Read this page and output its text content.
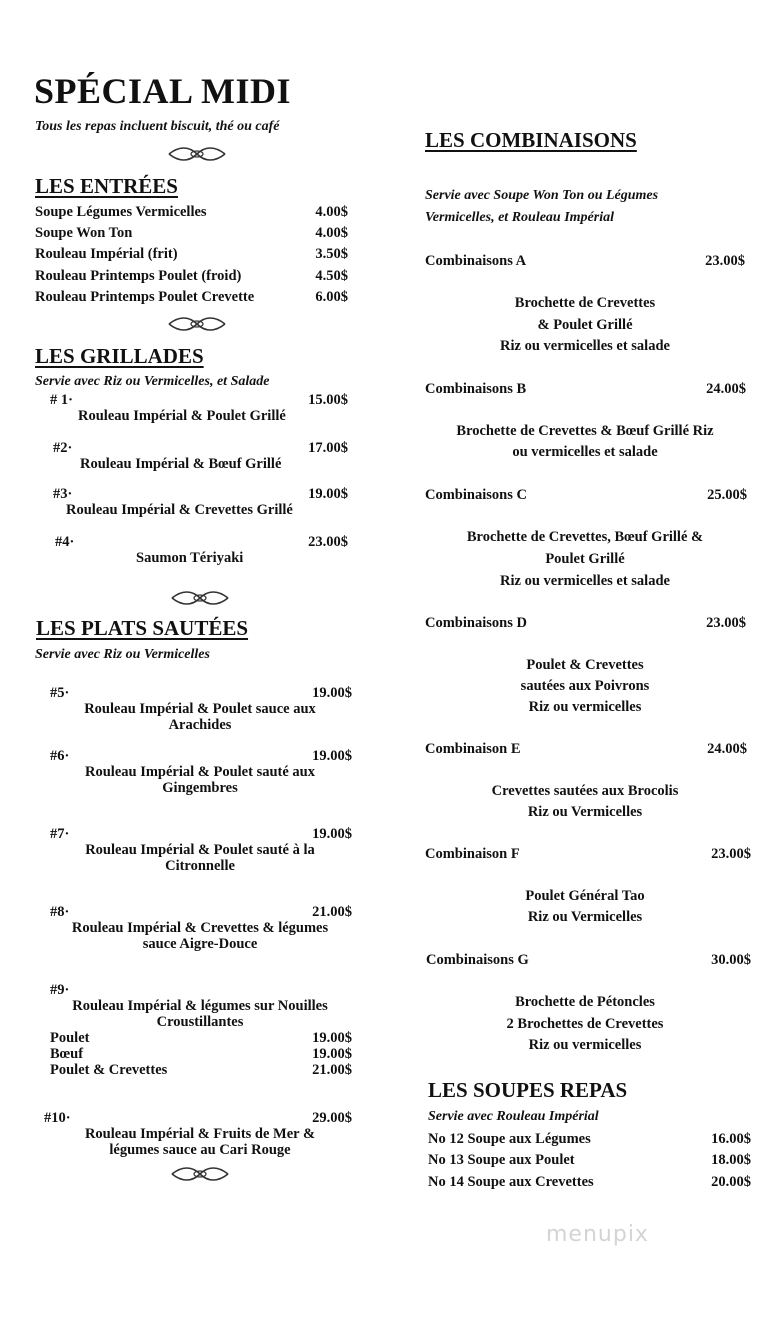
SPÉCIAL MIDI
Tous les repas incluent biscuit, thé ou café
LES ENTRÉES
Soupe Légumes Vermicelles	4.00$
Soupe Won Ton	4.00$
Rouleau Impérial (frit)	3.50$
Rouleau Printemps Poulet (froid)	4.50$
Rouleau Printemps Poulet Crevette	6.00$
LES GRILLADES
Servie avec Riz ou Vermicelles, et Salade
# 1·	15.00$
Rouleau Impérial & Poulet Grillé
#2·	17.00$
Rouleau Impérial & Bœuf Grillé
#3·	19.00$
Rouleau Impérial & Crevettes Grillé
#4·	23.00$
Saumon Tériyaki
LES PLATS SAUTÉES
Servie avec Riz ou Vermicelles
#5·	19.00$
Rouleau Impérial & Poulet sauce aux
Arachides
#6·	19.00$
Rouleau Impérial & Poulet sauté aux
Gingembres
#7·	19.00$
Rouleau Impérial & Poulet sauté à la
Citronnelle
#8·	21.00$
Rouleau Impérial & Crevettes & légumes
sauce Aigre-Douce
#9·
Rouleau Impérial & légumes sur Nouilles
Croustillantes
Poulet	19.00$
Bœuf	19.00$
Poulet & Crevettes	21.00$
#10·	29.00$
Rouleau Impérial & Fruits de Mer &
légumes sauce au Cari Rouge
LES COMBINAISONS
Servie avec Soupe Won Ton ou Légumes
Vermicelles, et Rouleau Impérial
Combinaisons A	23.00$
Brochette de Crevettes
& Poulet Grillé
Riz ou vermicelles et salade
Combinaisons B	24.00$
Brochette de Crevettes & Bœuf Grillé Riz
ou vermicelles et salade
Combinaisons C	25.00$
Brochette de Crevettes, Bœuf Grillé &
Poulet Grillé
Riz ou vermicelles et salade
Combinaisons D	23.00$
Poulet & Crevettes
sautées aux Poivrons
Riz ou vermicelles
Combinaison E	24.00$
Crevettes sautées aux Brocolis
Riz ou Vermicelles
Combinaison F	23.00$
Poulet Général Tao
Riz ou Vermicelles
Combinaisons G	30.00$
Brochette de Pétoncles
2 Brochettes de Crevettes
Riz ou vermicelles
LES SOUPES REPAS
Servie avec Rouleau Impérial
No 12 Soupe aux Légumes	16.00$
No 13 Soupe aux Poulet	18.00$
No 14 Soupe aux Crevettes	20.00$
menupix
